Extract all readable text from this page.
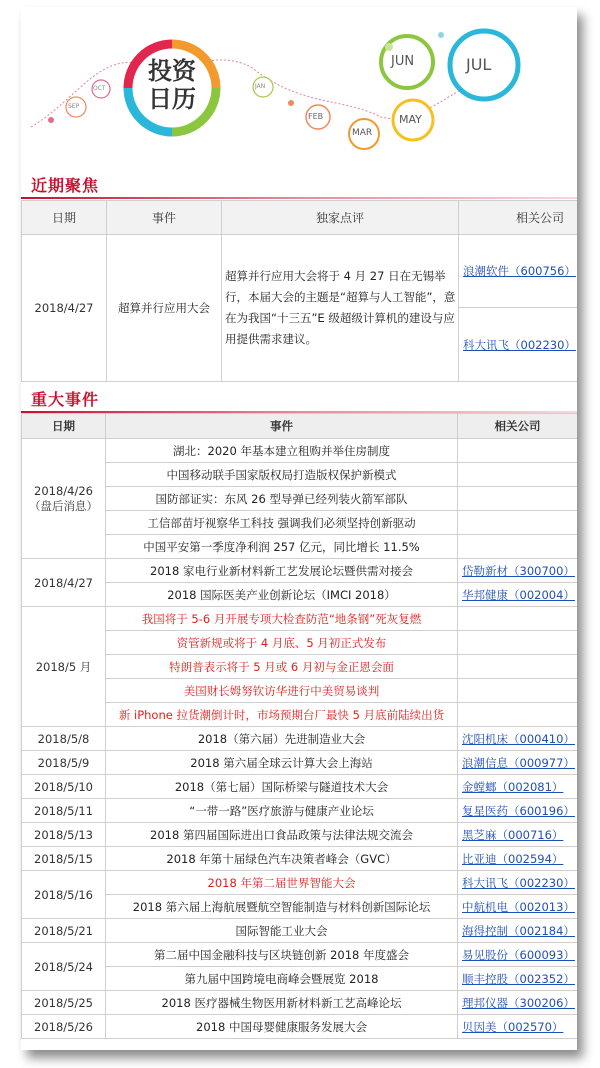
投资
日历
SEP
OCT	JAN
FEB
MAR
MAY
JUN	JUL
近期聚焦
日期	事件	独家点评	相关公司
2018/4/27	超算并行应用大会	超算并行应用大会将于 4 月 27 日在无锡举行，本届大会的主题是“超算与人工智能”，意在为我国“十三五”E 级超级计算机的建设与应用提供需求建议。	浪潮软件（600756）
			科大讯飞（002230）
重大事件
日期	事件	相关公司

2018/4/26
（盘后消息）	湖北：2020 年基本建立租购并举住房制度	
	中国移动联手国家版权局打造版权保护新模式	
	国防部证实：东风 26 型导弹已经列装火箭军部队	
	工信部苗圩视察华工科技 强调我们必须坚持创新驱动	
	中国平安第一季度净利润 257 亿元，同比增长 11.5%	

2018/4/27	2018 家电行业新材料新工艺发展论坛暨供需对接会	岱勒新材（300700）
	2018 国际医美产业创新论坛（IMCI 2018）	华邦健康（002004）

2018/5 月	我国将于 5-6 月开展专项大检查防范“地条钢”死灰复燃	
	资管新规或将于 4 月底、5 月初正式发布	
	特朗普表示将于 5 月或 6 月初与金正恩会面	
	美国财长姆努钦访华进行中美贸易谈判	
	新 iPhone 拉货潮倒计时，市场预期台厂最快 5 月底前陆续出货	

2018/5/8	2018（第六届）先进制造业大会	沈阳机床（000410）

2018/5/9	2018 第六届全球云计算大会上海站	浪潮信息（000977）

2018/5/10	2018（第七届）国际桥梁与隧道技术大会	金螳螂（002081）

2018/5/11	“一带一路”医疗旅游与健康产业论坛	复星医药（600196）

2018/5/13	2018 第四届国际进出口食品政策与法律法规交流会	黑芝麻（000716）

2018/5/15	2018 年第十届绿色汽车决策者峰会（GVC）	比亚迪（002594）

2018/5/16	2018 年第二届世界智能大会	科大讯飞（002230）
	2018 第六届上海航展暨航空智能制造与材料创新国际论坛	中航机电（002013）

2018/5/21	国际智能工业大会	海得控制（002184）

2018/5/24	第二届中国金融科技与区块链创新 2018 年度盛会	易见股份（600093）
	第九届中国跨境电商峰会暨展览 2018	顺丰控股（002352）

2018/5/25	2018 医疗器械生物医用新材料新工艺高峰论坛	理邦仪器（300206）

2018/5/26	2018 中国母婴健康服务发展大会	贝因美（002570）
